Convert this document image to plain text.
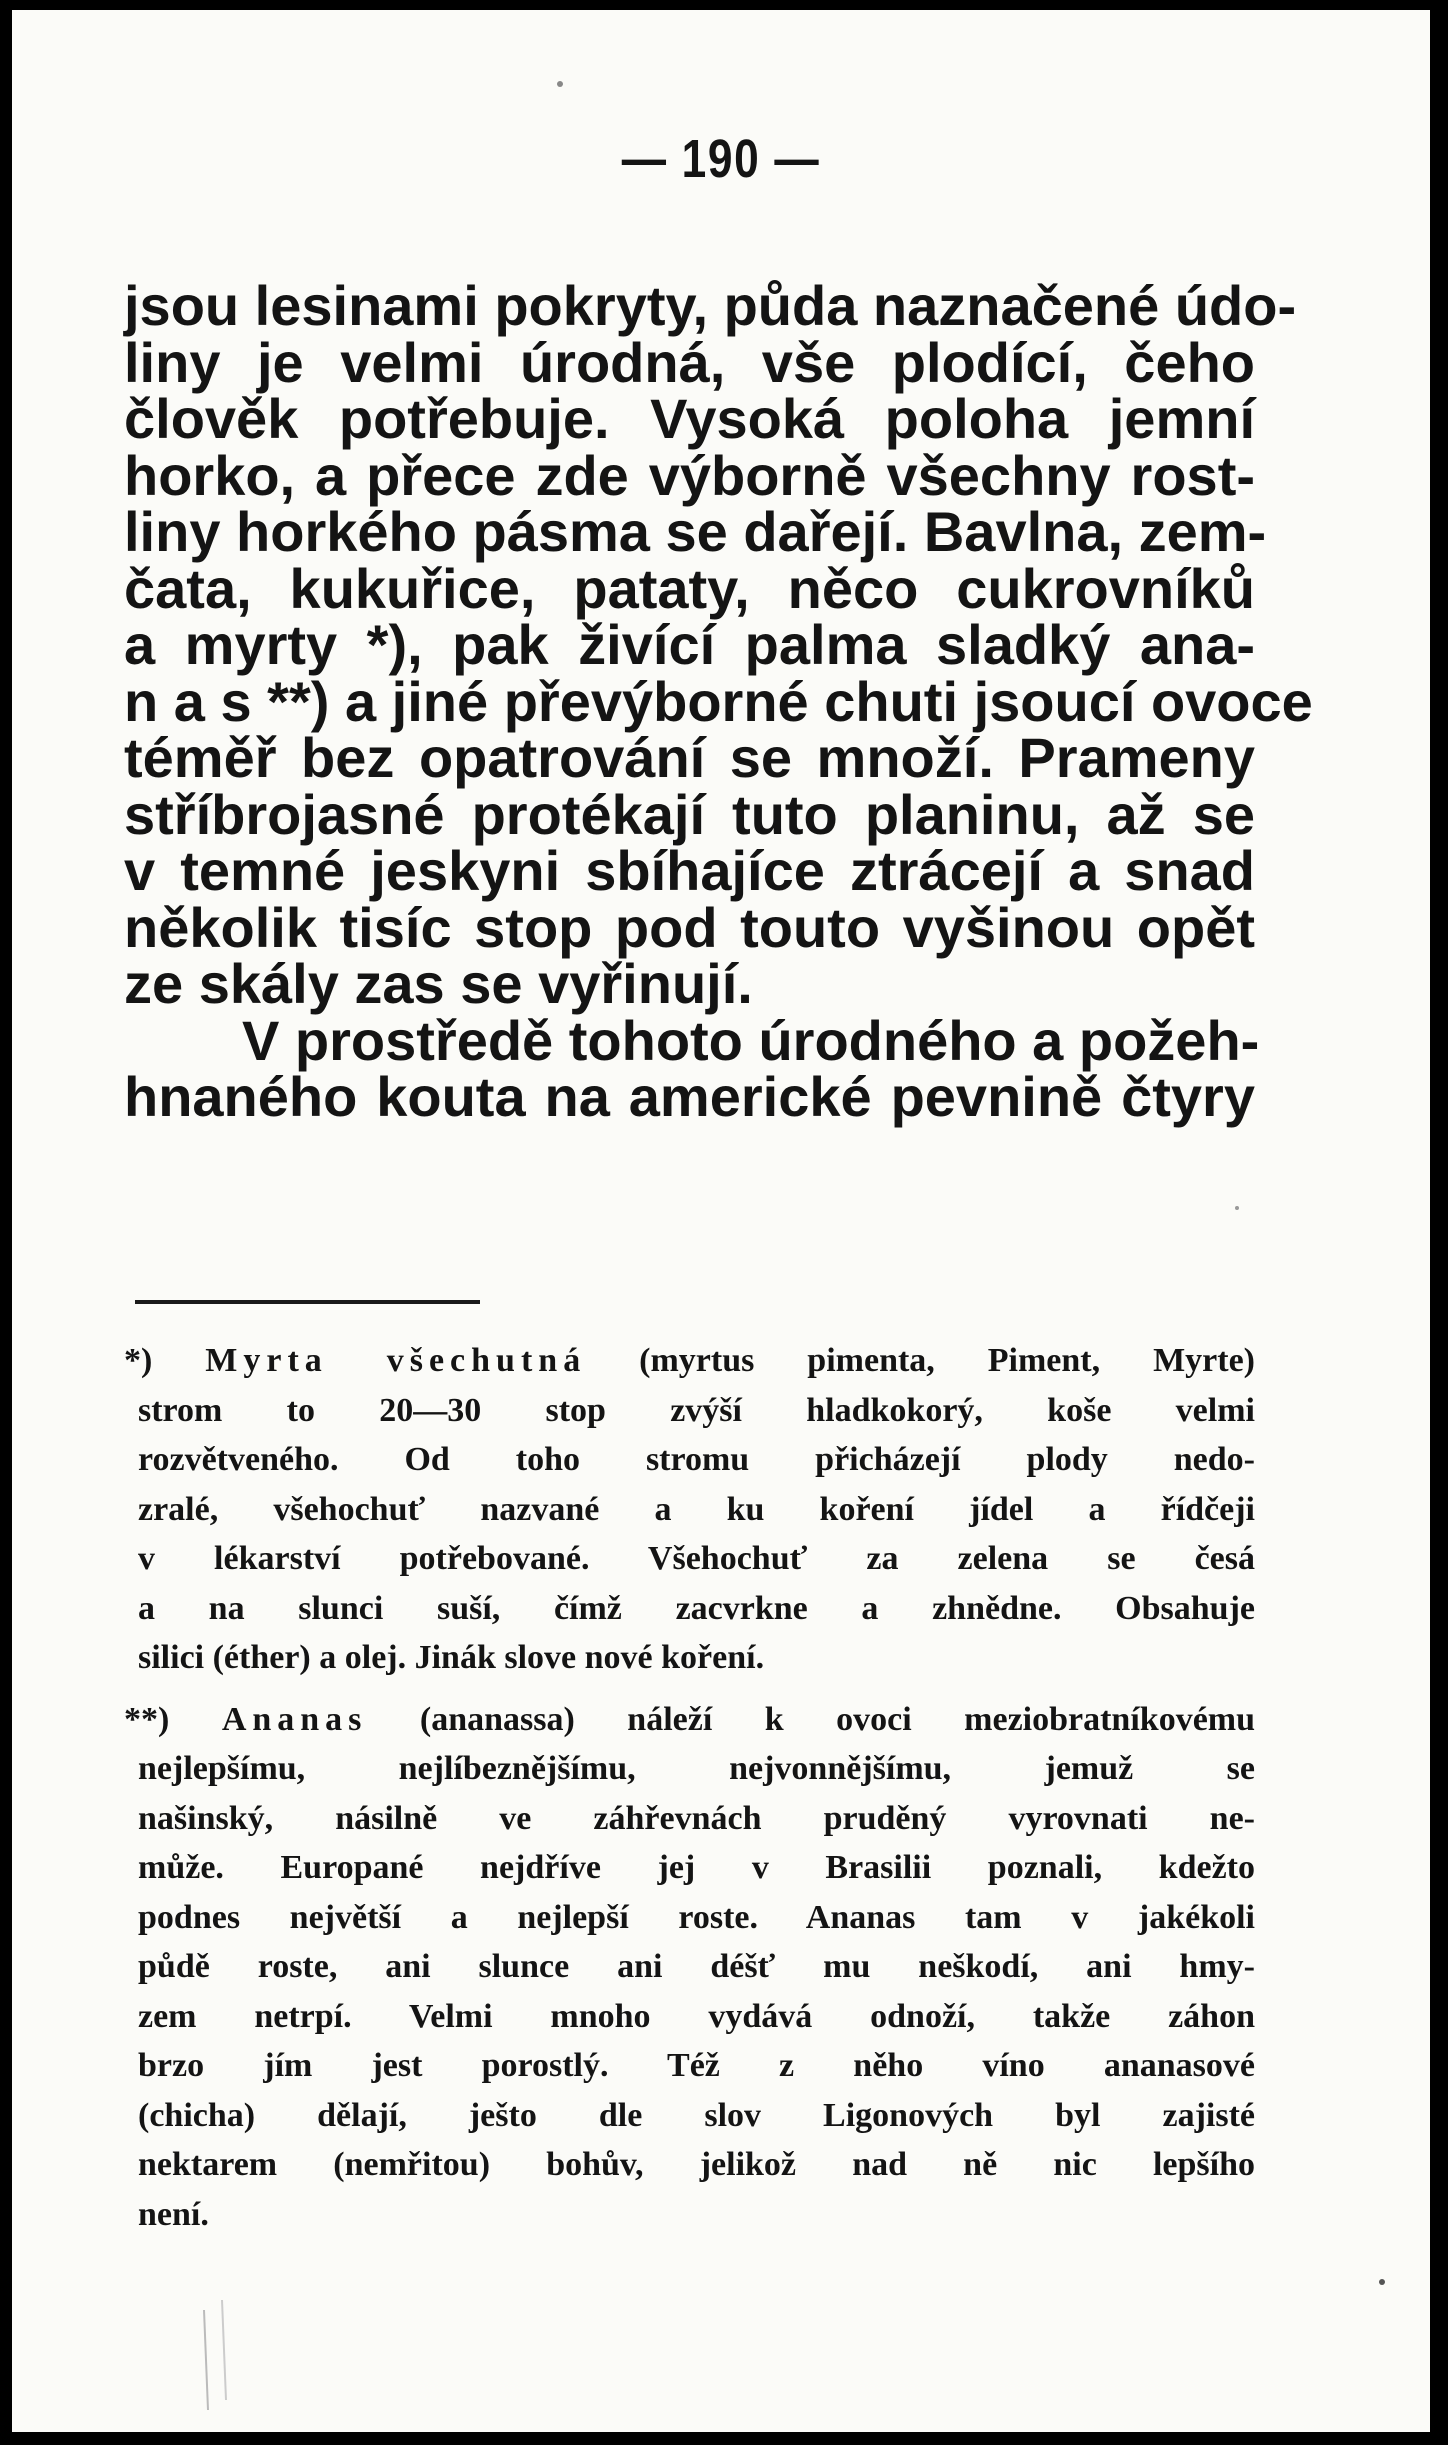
— 190 —
jsou lesinami pokryty, půda naznačené údo-
liny je velmi úrodná, vše plodící, čeho
člověk potřebuje. Vysoká poloha jemní
horko, a přece zde výborně všechny rost-
liny horkého pásma se dařejí. Bavlna, zem-
čata, kukuřice, pataty, něco cukrovníků
a myrty *), pak živící palma sladký ana-
n a s **) a jiné převýborné chuti jsoucí ovoce
téměř bez opatrování se množí. Prameny
stříbrojasné protékají tuto planinu, až se
v temné jeskyni sbíhajíce ztrácejí a snad
několik tisíc stop pod touto vyšinou opět
ze skály zas se vyřinují.
V prostředě tohoto úrodného a požeh-
hnaného kouta na americké pevnině čtyry
*) Myrta všechutná (myrtus pimenta, Piment, Myrte)
strom to 20—30 stop zvýší hladkokorý, koše velmi
rozvětveného. Od toho stromu přicházejí plody nedo-
zralé, všehochuť nazvané a ku koření jídel a řídčeji
v lékarství potřebované. Všehochuť za zelena se česá
a na slunci suší, čímž zacvrkne a zhnědne. Obsahuje
silici (éther) a olej. Jinák slove nové koření.
**) Ananas (ananassa) náleží k ovoci meziobratníkovému
nejlepšímu, nejlíbeznějšímu, nejvonnějšímu, jemuž se
našinský, násilně ve záhřevnách pruděný vyrovnati ne-
může. Europané nejdříve jej v Brasilii poznali, kdežto
podnes největší a nejlepší roste. Ananas tam v jakékoli
půdě roste, ani slunce ani déšť mu neškodí, ani hmy-
zem netrpí. Velmi mnoho vydává odnoží, takže záhon
brzo jím jest porostlý. Též z něho víno ananasové
(chicha) dělají, ješto dle slov Ligonových byl zajisté
nektarem (nemřitou) bohův, jelikož nad ně nic lepšího
není.
